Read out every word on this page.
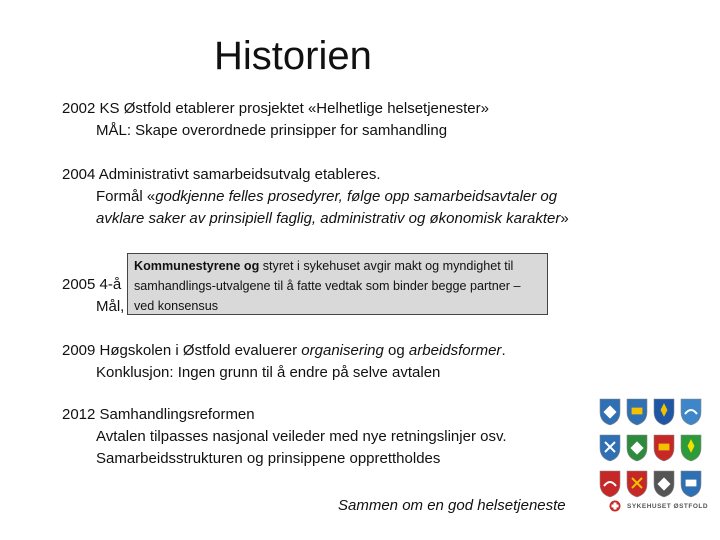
Historien
2002 KS Østfold etablerer prosjektet «Helhetlige helsetjenester»
MÅL: Skape overordnede prinsipper for samhandling
2004 Administrativt samarbeidsutvalg etableres.
Formål «godkjenne felles prosedyrer, følge opp samarbeidsavtaler og avklare saker av prinsipiell faglig, administrativ og økonomisk karakter»
2005 4-å
Mål,
Kommunestyrene og styret i sykehuset avgir makt og myndighet til samhandlings-utvalgene til å fatte vedtak som binder begge partner – ved konsensus
2009 Høgskolen i Østfold evaluerer organisering og arbeidsformer.
Konklusjon: Ingen grunn til å endre på selve avtalen
2012 Samhandlingsreformen
Avtalen tilpasses nasjonal veileder med nye retningslinjer osv.
Samarbeidsstrukturen og prinsippene opprettholdes
SYKEHUSET ØSTFOLD
Sammen om en god helsetjeneste
